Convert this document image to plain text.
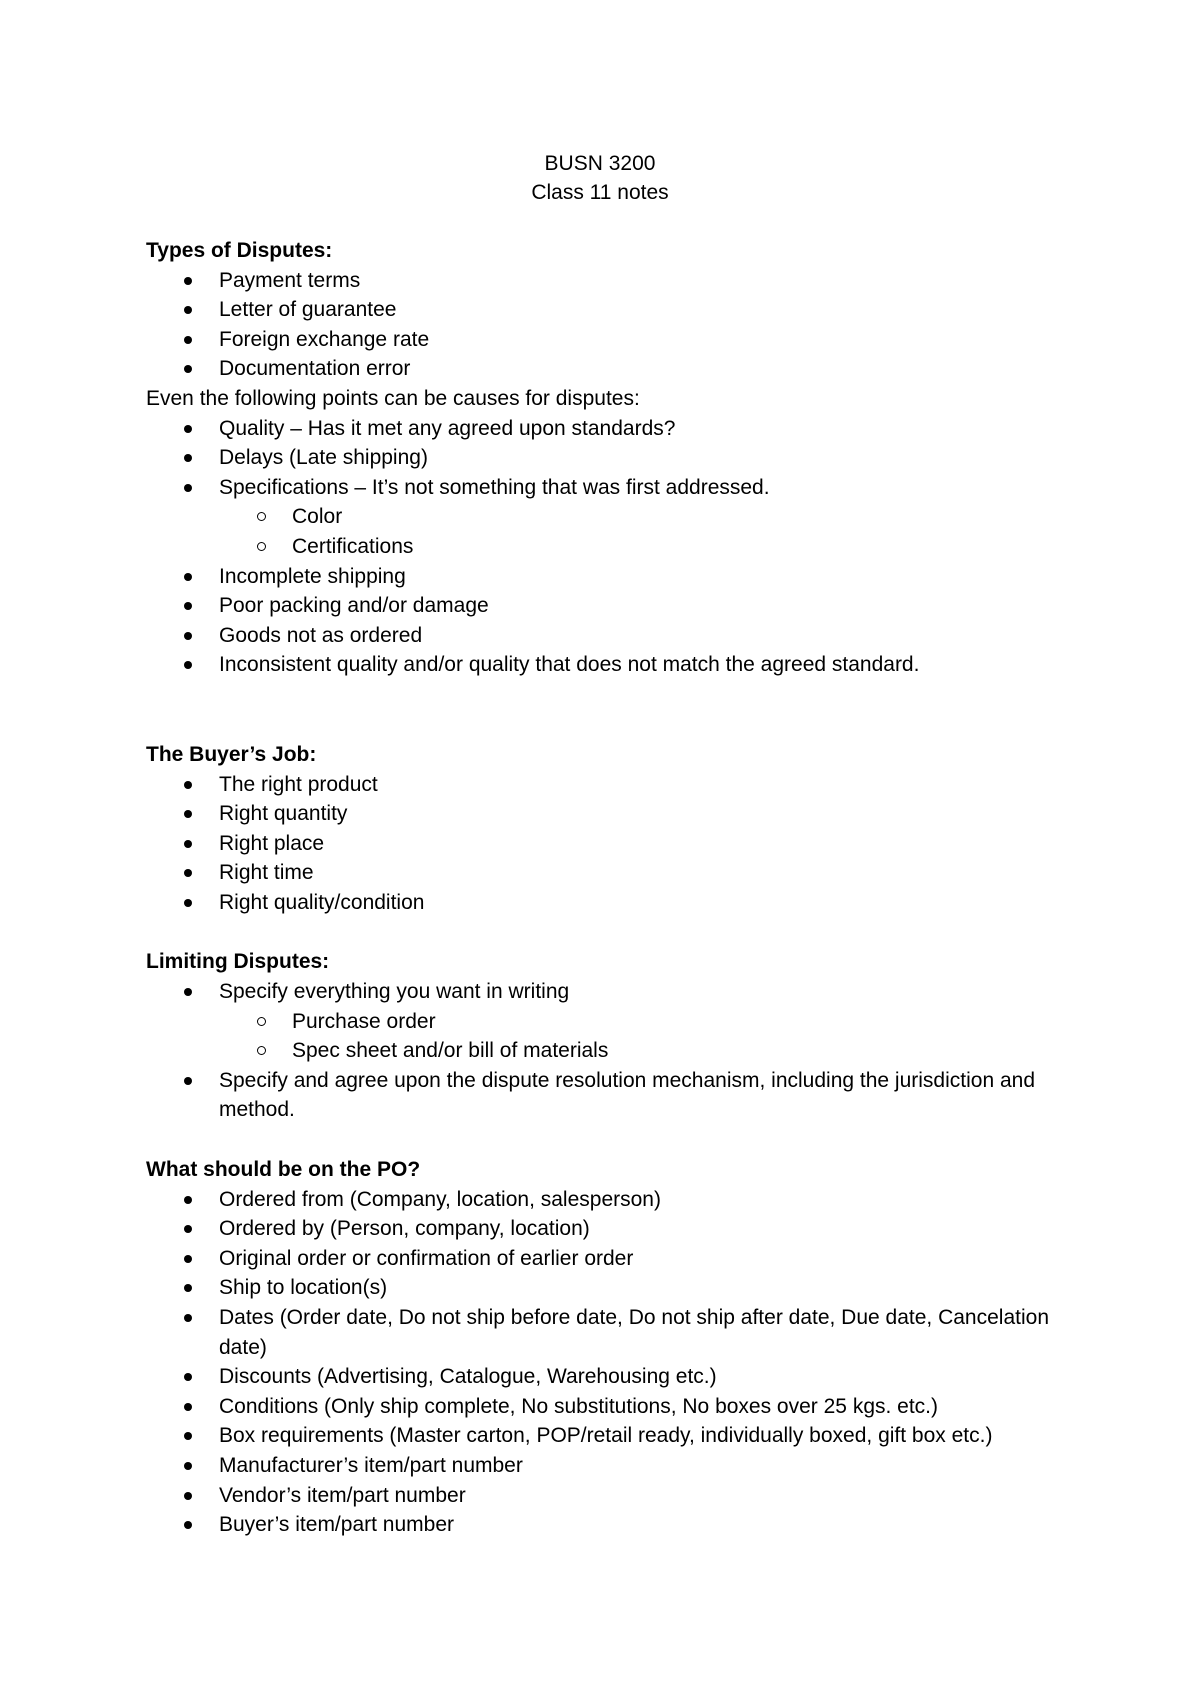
BUSN 3200
Class 11 notes
Types of Disputes:
Payment terms
Letter of guarantee
Foreign exchange rate
Documentation error

Even the following points can be causes for disputes:

Quality – Has it met any agreed upon standards?
Delays (Late shipping)
Specifications – It’s not something that was first addressed.
Color
Certifications
Incomplete shipping
Poor packing and/or damage
Goods not as ordered
Inconsistent quality and/or quality that does not match the agreed standard.
The Buyer’s Job:
The right product
Right quantity
Right place
Right time
Right quality/condition
Limiting Disputes:
Specify everything you want in writing
Purchase order
Spec sheet and/or bill of materials
Specify and agree upon the dispute resolution mechanism, including the jurisdiction and method.
What should be on the PO?
Ordered from (Company, location, salesperson)
Ordered by (Person, company, location)
Original order or confirmation of earlier order
Ship to location(s)
Dates (Order date, Do not ship before date, Do not ship after date, Due date, Cancelation date)
Discounts (Advertising, Catalogue, Warehousing etc.)
Conditions (Only ship complete, No substitutions, No boxes over 25 kgs. etc.)
Box requirements (Master carton, POP/retail ready, individually boxed, gift box etc.)
Manufacturer’s item/part number
Vendor’s item/part number
Buyer’s item/part number
